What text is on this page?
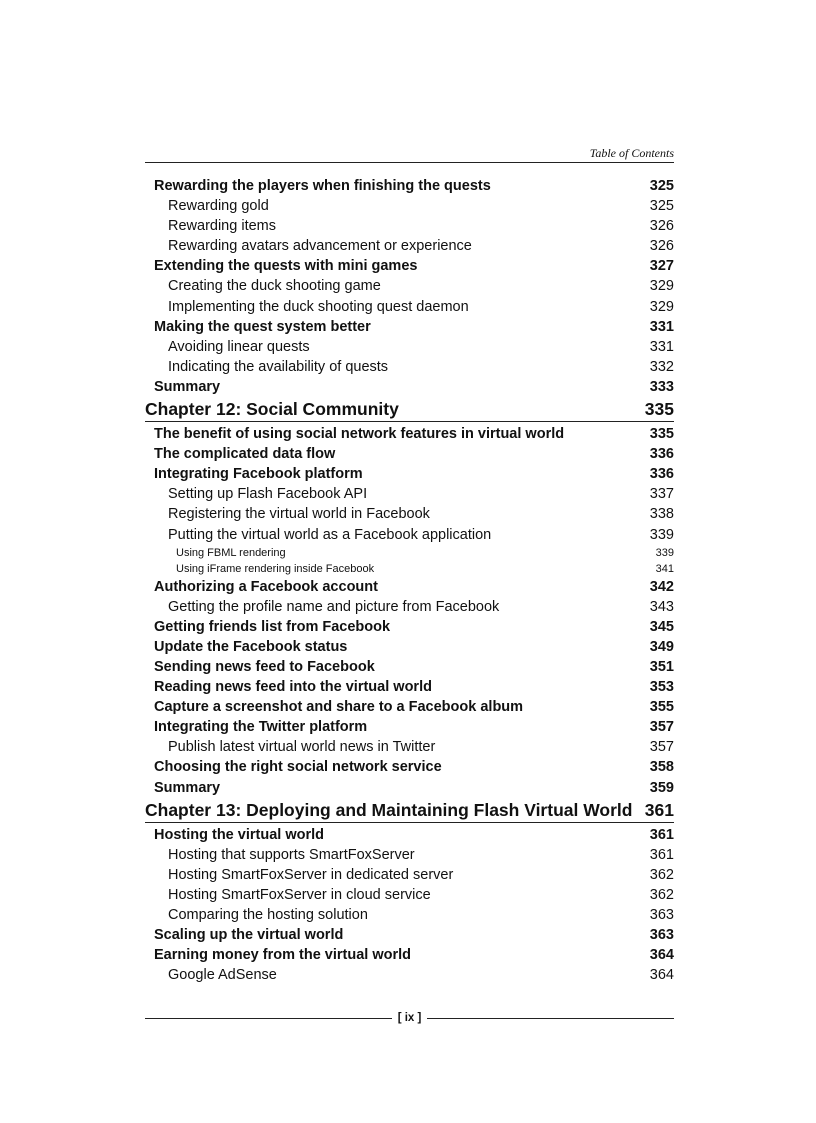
Table of Contents
Rewarding the players when finishing the quests	325
Rewarding gold	325
Rewarding items	326
Rewarding avatars advancement or experience	326
Extending the quests with mini games	327
Creating the duck shooting game	329
Implementing the duck shooting quest daemon	329
Making the quest system better	331
Avoiding linear quests	331
Indicating the availability of quests	332
Summary	333
Chapter 12: Social Community	335
The benefit of using social network features in virtual world	335
The complicated data flow	336
Integrating Facebook platform	336
Setting up Flash Facebook API	337
Registering the virtual world in Facebook	338
Putting the virtual world as a Facebook application	339
Using FBML rendering	339
Using iFrame rendering inside Facebook	341
Authorizing a Facebook account	342
Getting the profile name and picture from Facebook	343
Getting friends list from Facebook	345
Update the Facebook status	349
Sending news feed to Facebook	351
Reading news feed into the virtual world	353
Capture a screenshot and share to a Facebook album	355
Integrating the Twitter platform	357
Publish latest virtual world news in Twitter	357
Choosing the right social network service	358
Summary	359
Chapter 13: Deploying and Maintaining Flash Virtual World 361
Hosting the virtual world	361
Hosting that supports SmartFoxServer	361
Hosting SmartFoxServer in dedicated server	362
Hosting SmartFoxServer in cloud service	362
Comparing the hosting solution	363
Scaling up the virtual world	363
Earning money from the virtual world	364
Google AdSense	364
[ ix ]
